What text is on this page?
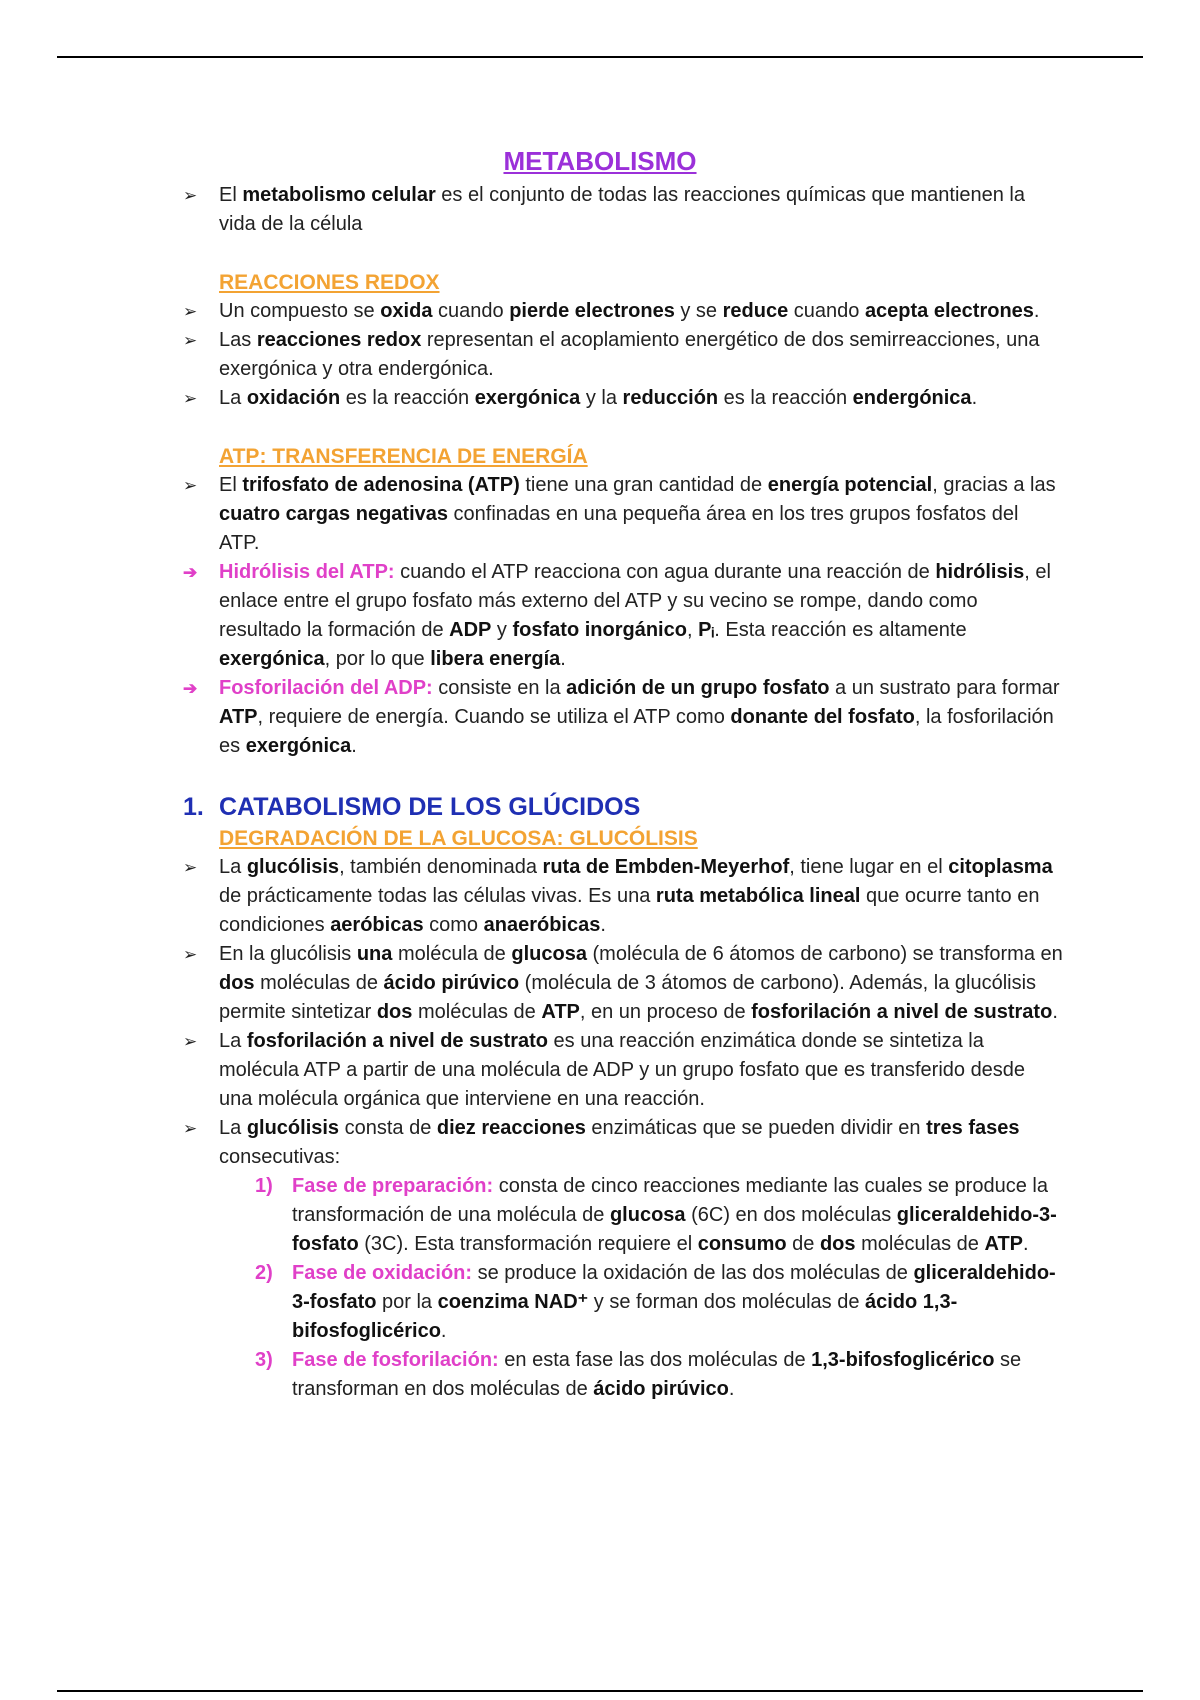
METABOLISMO

➢	El metabolismo celular es el conjunto de todas las reacciones químicas que mantienen la vida de la célula

REACCIONES REDOX

➢	Un compuesto se oxida cuando pierde electrones y se reduce cuando acepta electrones.

➢	Las reacciones redox representan el acoplamiento energético de dos semirreacciones, una exergónica y otra endergónica.

➢	La oxidación es la reacción exergónica y la reducción es la reacción endergónica.

ATP: TRANSFERENCIA DE ENERGÍA

➢	El trifosfato de adenosina (ATP) tiene una gran cantidad de energía potencial, gracias a las cuatro cargas negativas confinadas en una pequeña área en los tres grupos fosfatos del ATP.

➔	Hidrólisis del ATP: cuando el ATP reacciona con agua durante una reacción de hidrólisis, el enlace entre el grupo fosfato más externo del ATP y su vecino se rompe, dando como resultado la formación de ADP y fosfato inorgánico, Pᵢ. Esta reacción es altamente exergónica, por lo que libera energía.

➔	Fosforilación del ADP: consiste en la adición de un grupo fosfato a un sustrato para formar ATP, requiere de energía. Cuando se utiliza el ATP como donante del fosfato, la fosforilación es exergónica.

1. CATABOLISMO DE LOS GLÚCIDOS
DEGRADACIÓN DE LA GLUCOSA: GLUCÓLISIS

➢	La glucólisis, también denominada ruta de Embden-Meyerhof, tiene lugar en el citoplasma de prácticamente todas las células vivas. Es una ruta metabólica lineal que ocurre tanto en condiciones aeróbicas como anaeróbicas.

➢	En la glucólisis una molécula de glucosa (molécula de 6 átomos de carbono) se transforma en dos moléculas de ácido pirúvico (molécula de 3 átomos de carbono). Además, la glucólisis permite sintetizar dos moléculas de ATP, en un proceso de fosforilación a nivel de sustrato.

➢	La fosforilación a nivel de sustrato es una reacción enzimática donde se sintetiza la molécula ATP a partir de una molécula de ADP y un grupo fosfato que es transferido desde una molécula orgánica que interviene en una reacción.

➢	La glucólisis consta de diez reacciones enzimáticas que se pueden dividir en tres fases consecutivas:

1) Fase de preparación: consta de cinco reacciones mediante las cuales se produce la transformación de una molécula de glucosa (6C) en dos moléculas gliceraldehido-3-fosfato (3C). Esta transformación requiere el consumo de dos moléculas de ATP.

2) Fase de oxidación: se produce la oxidación de las dos moléculas de gliceraldehido-3-fosfato por la coenzima NAD⁺ y se forman dos moléculas de ácido 1,3-bifosfoglicérico.

3) Fase de fosforilación: en esta fase las dos moléculas de 1,3-bifosfoglicérico se transforman en dos moléculas de ácido pirúvico.
